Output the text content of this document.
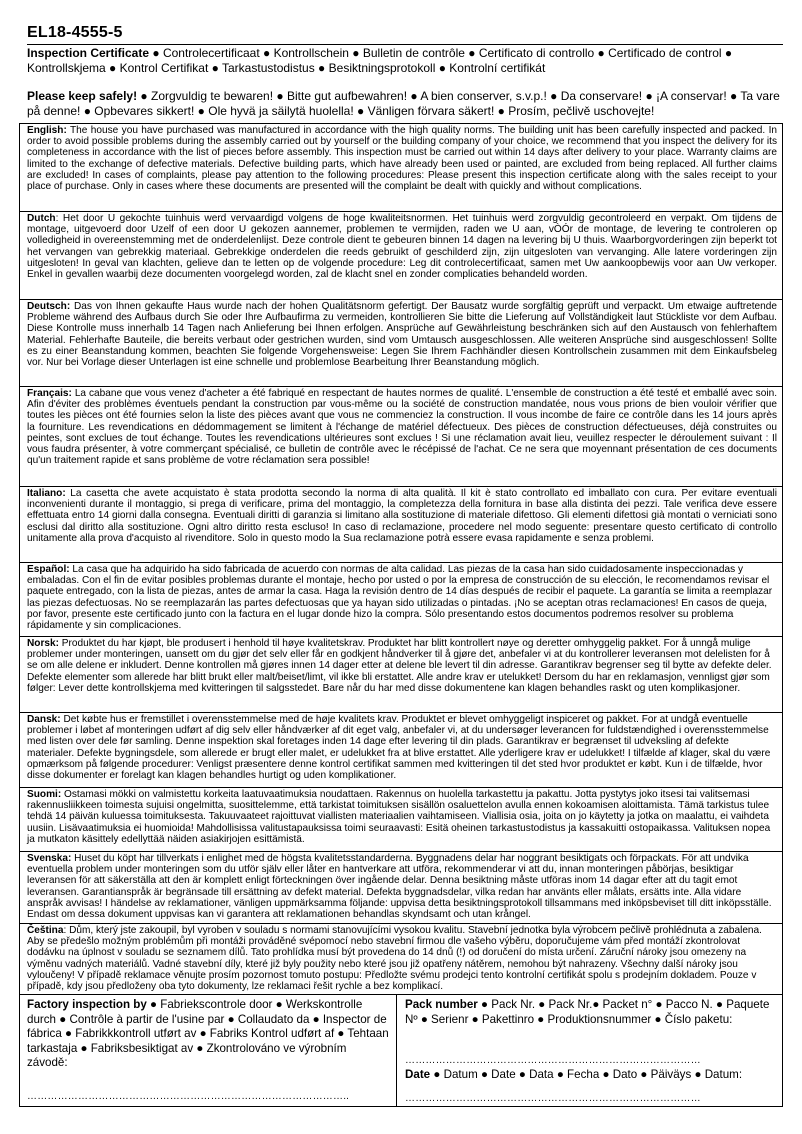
EL18-4555-5
Inspection Certificate ● Controlecertificaat ● Kontrollschein ● Bulletin de contrôle ● Certificato di controllo ● Certificado de control ● Kontrollskjema ● Kontrol Certifikat ● Tarkastustodistus ● Besiktningsprotokoll ● Kontrolní certifikát
Please keep safely! ● Zorgvuldig te bewaren! ● Bitte gut aufbewahren! ● A bien conserver, s.v.p.! ● Da conservare! ● ¡A conservar! ● Ta vare på denne! ● Opbevares sikkert! ● Ole hyvä ja säilytä huolella! ● Vänligen förvara säkert! ● Prosím, pečlivě uschovejte!
English: The house you have purchased was manufactured in accordance with the high quality norms. The building unit has been carefully inspected and packed. In order to avoid possible problems during the assembly carried out by yourself or the building company of your choice, we recommend that you inspect the delivery for its completeness in accordance with the list of pieces before assembly. This inspection must be carried out within 14 days after delivery to your place. Warranty claims are limited to the exchange of defective materials. Defective building parts, which have already been used or painted, are excluded from being replaced. All further claims are excluded! In cases of complaints, please pay attention to the following procedures: Please present this inspection certificate along with the sales receipt to your place of purchase. Only in cases where these documents are presented will the complaint be dealt with quickly and without complications.
Dutch: Het door U gekochte tuinhuis werd vervaardigd volgens de hoge kwaliteitsnormen. Het tuinhuis werd zorgvuldig gecontroleerd en verpakt. Om tijdens de montage, uitgevoerd door Uzelf of een door U gekozen aannemer, problemen te vermijden, raden we U aan, vÒÓr de montage, de levering te controleren op volledigheid in overeenstemming met de onderdelenlijst. Deze controle dient te gebeuren binnen 14 dagen na levering bij U thuis. Waarborgvorderingen zijn beperkt tot het vervangen van gebrekkig materiaal. Gebrekkige onderdelen die reeds gebruikt of geschilderd zijn, zijn uitgesloten van vervanging. Alle latere vorderingen zijn uitgesloten! In geval van klachten, gelieve dan te letten op de volgende procedure: Leg dit controlecertificaat, samen met Uw aankoopbewijs voor aan Uw verkoper. Enkel in gevallen waarbij deze documenten voorgelegd worden, zal de klacht snel en zonder complicaties behandeld worden.
Deutsch: Das von Ihnen gekaufte Haus wurde nach der hohen Qualitätsnorm gefertigt. Der Bausatz wurde sorgfältig geprüft und verpackt. Um etwaige auftretende Probleme während des Aufbaus durch Sie oder Ihre Aufbaufirma zu vermeiden, kontrollieren Sie bitte die Lieferung auf Vollständigkeit laut Stückliste vor dem Aufbau. Diese Kontrolle muss innerhalb 14 Tagen nach Anlieferung bei Ihnen erfolgen. Ansprüche auf Gewährleistung beschränken sich auf den Austausch von fehlerhaftem Material. Fehlerhafte Bauteile, die bereits verbaut oder gestrichen wurden, sind vom Umtausch ausgeschlossen. Alle weiteren Ansprüche sind ausgeschlossen! Sollte es zu einer Beanstandung kommen, beachten Sie folgende Vorgehensweise: Legen Sie Ihrem Fachhändler diesen Kontrollschein zusammen mit dem Einkaufsbeleg vor. Nur bei Vorlage dieser Unterlagen ist eine schnelle und problemlose Bearbeitung Ihrer Beanstandung möglich.
Français: La cabane que vous venez d'acheter a été fabriqué en respectant de hautes normes de qualité. L'ensemble de construction a été testé et emballé avec soin. Afin d'éviter des problèmes éventuels pendant la construction par vous-même ou la société de construction mandatée, nous vous prions de bien vouloir vérifier que toutes les pièces ont été fournies selon la liste des pièces avant que vous ne commenciez la construction. Il vous incombe de faire ce contrôle dans les 14 jours après la fourniture. Les revendications en dédommagement se limitent à l'échange de matériel défectueux. Des pièces de construction défectueuses, déjà construites ou peintes, sont exclues de tout échange. Toutes les revendications ultérieures sont exclues ! Si une réclamation avait lieu, veuillez respecter le déroulement suivant : Il vous faudra présenter, à votre commerçant spécialisé, ce bulletin de contrôle avec le récépissé de l'achat. Ce ne sera que moyennant présentation de ces documents qu'un traitement rapide et sans problème de votre réclamation sera possible!
Italiano: La casetta che avete acquistato è stata prodotta secondo la norma di alta qualità. Il kit è stato controllato ed imballato con cura. Per evitare eventuali inconvenienti durante il montaggio, si prega di verificare, prima del montaggio, la completezza della fornitura in base alla distinta dei pezzi. Tale verifica deve essere effettuata entro 14 giorni dalla consegna. Eventuali diritti di garanzia si limitano alla sostituzione di materiale difettoso. Gli elementi difettosi già montati o verniciati sono esclusi dal diritto alla sostituzione. Ogni altro diritto resta escluso! In caso di reclamazione, procedere nel modo seguente: presentare questo certificato di controllo unitamente alla prova d'acquisto al rivenditore. Solo in questo modo la Sua reclamazione potrà essere evasa rapidamente e senza problemi.
Español: La casa que ha adquirido ha sido fabricada de acuerdo con normas de alta calidad. Las piezas de la casa han sido cuidadosamente inspeccionadas y embaladas. Con el fin de evitar posibles problemas durante el montaje, hecho por usted o por la empresa de construcción de su elección, le recomendamos revisar el paquete entregado, con la lista de piezas, antes de armar la casa. Haga la revisión dentro de 14 días después de recibir el paquete. La garantía se limita a reemplazar las piezas defectuosas. No se reemplazarán las partes defectuosas que ya hayan sido utilizadas o pintadas. ¡No se aceptan otras reclamaciones! En casos de queja, por favor, presente este certificado junto con la factura en el lugar donde hizo la compra. Sólo presentando estos documentos podremos resolver su problema rápidamente y sin complicaciones.
Norsk: Produktet du har kjøpt, ble produsert i henhold til høye kvalitetskrav. Produktet har blitt kontrollert nøye og deretter omhyggelig pakket. For å unngå mulige problemer under monteringen, uansett om du gjør det selv eller får en godkjent håndverker til å gjøre det, anbefaler vi at du kontrollerer leveransen mot delelisten for å se om alle delene er inkludert. Denne kontrollen må gjøres innen 14 dager etter at delene ble levert til din adresse. Garantikrav begrenser seg til bytte av defekte deler. Defekte elementer som allerede har blitt brukt eller malt/beiset/limt, vil ikke bli erstattet. Alle andre krav er utelukket! Dersom du har en reklamasjon, vennligst gjør som følger: Lever dette kontrollskjema med kvitteringen til salgsstedet. Bare når du har med disse dokumentene kan klagen behandles raskt og uten komplikasjoner.
Dansk: Det købte hus er fremstillet i overensstemmelse med de høje kvalitets krav. Produktet er blevet omhyggeligt inspiceret og pakket. For at undgå eventuelle problemer i løbet af monteringen udført af dig selv eller håndværker af dit eget valg, anbefaler vi, at du undersøger leverancen for fuldstændighed i overensstemmelse med listen over dele før samling. Denne inspektion skal foretages inden 14 dage efter levering til din plads. Garantikrav er begrænset til udveksling af defekte materialer. Defekte bygningsdele, som allerede er brugt eller malet, er udelukket fra at blive erstattet. Alle yderligere krav er udelukket! I tilfælde af klager, skal du være opmærksom på følgende procedurer: Venligst præsentere denne kontrol certifikat sammen med kvitteringen til det sted hvor produktet er købt. Kun i de tilfælde, hvor disse dokumenter er forelagt kan klagen behandles hurtigt og uden komplikationer.
Suomi: Ostamasi mökki on valmistettu korkeita laatuvaatimuksia noudattaen. Rakennus on huolella tarkastettu ja pakattu. Jotta pystytys joko itsesi tai valitsemasi rakennusliikkeen toimesta sujuisi ongelmitta, suosittelemme, että tarkistat toimituksen sisällön osaluettelon avulla ennen kokoamisen aloittamista. Tämä tarkistus tulee tehdä 14 päivän kuluessa toimituksesta. Takuuvaateet rajoittuvat viallisten materiaalien vaihtamiseen. Viallisia osia, joita on jo käytetty ja jotka on maalattu, ei vaihdeta uusiin. Lisävaatimuksia ei huomioida! Mahdollisissa valitustapauksissa toimi seuraavasti: Esitä oheinen tarkastustodistus ja kassakuitti ostopaikassa. Valituksen nopea ja mutkaton käsittely edellyttää näiden asiakirjojen esittämistä.
Svenska: Huset du köpt har tillverkats i enlighet med de högsta kvalitetsstandarderna. Byggnadens delar har noggrant besiktigats och förpackats. För att undvika eventuella problem under monteringen som du utför själv eller låter en hantverkare att utföra, rekommenderar vi att du, innan monteringen påbörjas, besiktigar leveransen för att säkerställa att den är komplett enligt förteckningen över ingående delar. Denna besiktning måste utföras inom 14 dagar efter att du tagit emot leveransen. Garantianspråk är begränsade till ersättning av defekt material. Defekta byggnadsdelar, vilka redan har använts eller målats, ersätts inte. Alla vidare anspråk avvisas! I händelse av reklamationer, vänligen uppmärksamma följande: uppvisa detta besiktningsprotokoll tillsammans med inköpsbeviset till ditt inköpsställe. Endast om dessa dokument uppvisas kan vi garantera att reklamationen behandlas skyndsamt och utan krångel.
Čeština: Dům, který jste zakoupil, byl vyroben v souladu s normami stanovujícími vysokou kvalitu. Stavební jednotka byla výrobcem pečlivě prohlédnuta a zabalena. Aby se předešlo možným problémům při montáži prováděné svépomocí nebo stavební firmou dle vašeho výběru, doporučujeme vám před montáží zkontrolovat dodávku na úplnost v souladu se seznamem dílů. Tato prohlídka musí být provedena do 14 dnů (!) od doručení do místa určení. Záruční nároky jsou omezeny na výměnu vadných materiálů. Vadné stavební díly, které již byly použity nebo které jsou již opatřeny nátěrem, nemohou být nahrazeny. Všechny další nároky jsou vyloučeny! V případě reklamace věnujte prosím pozornost tomuto postupu: Předložte svému prodejci tento kontrolní certifikát spolu s prodejním dokladem. Pouze v případě, kdy jsou předloženy oba tyto dokumenty, lze reklamaci řešit rychle a bez komplikací.
Factory inspection by ● Fabriekscontrole door ● Werkskontrolle durch ● Contrôle à partir de l'usine par ● Collaudato da ● Inspector de fábrica ● Fabrikkkontroll utført av ● Fabriks Kontrol udført af ● Tehtaan tarkastaja ● Fabriksbesiktigat av ● Zkontrolováno ve výrobním závodě:
…………………………………………………………………………………..
Pack number ● Pack Nr. ● Pack Nr.● Packet n° ● Pacco N. ● Paquete Nº ● Serienr ● Pakettinro ● Produktionsnummer ● Číslo paketu:
……………………………………………………………………………
Date ● Datum ● Date ● Data ● Fecha ● Dato ● Päiväys ● Datum:
……………………………………………………………………………
